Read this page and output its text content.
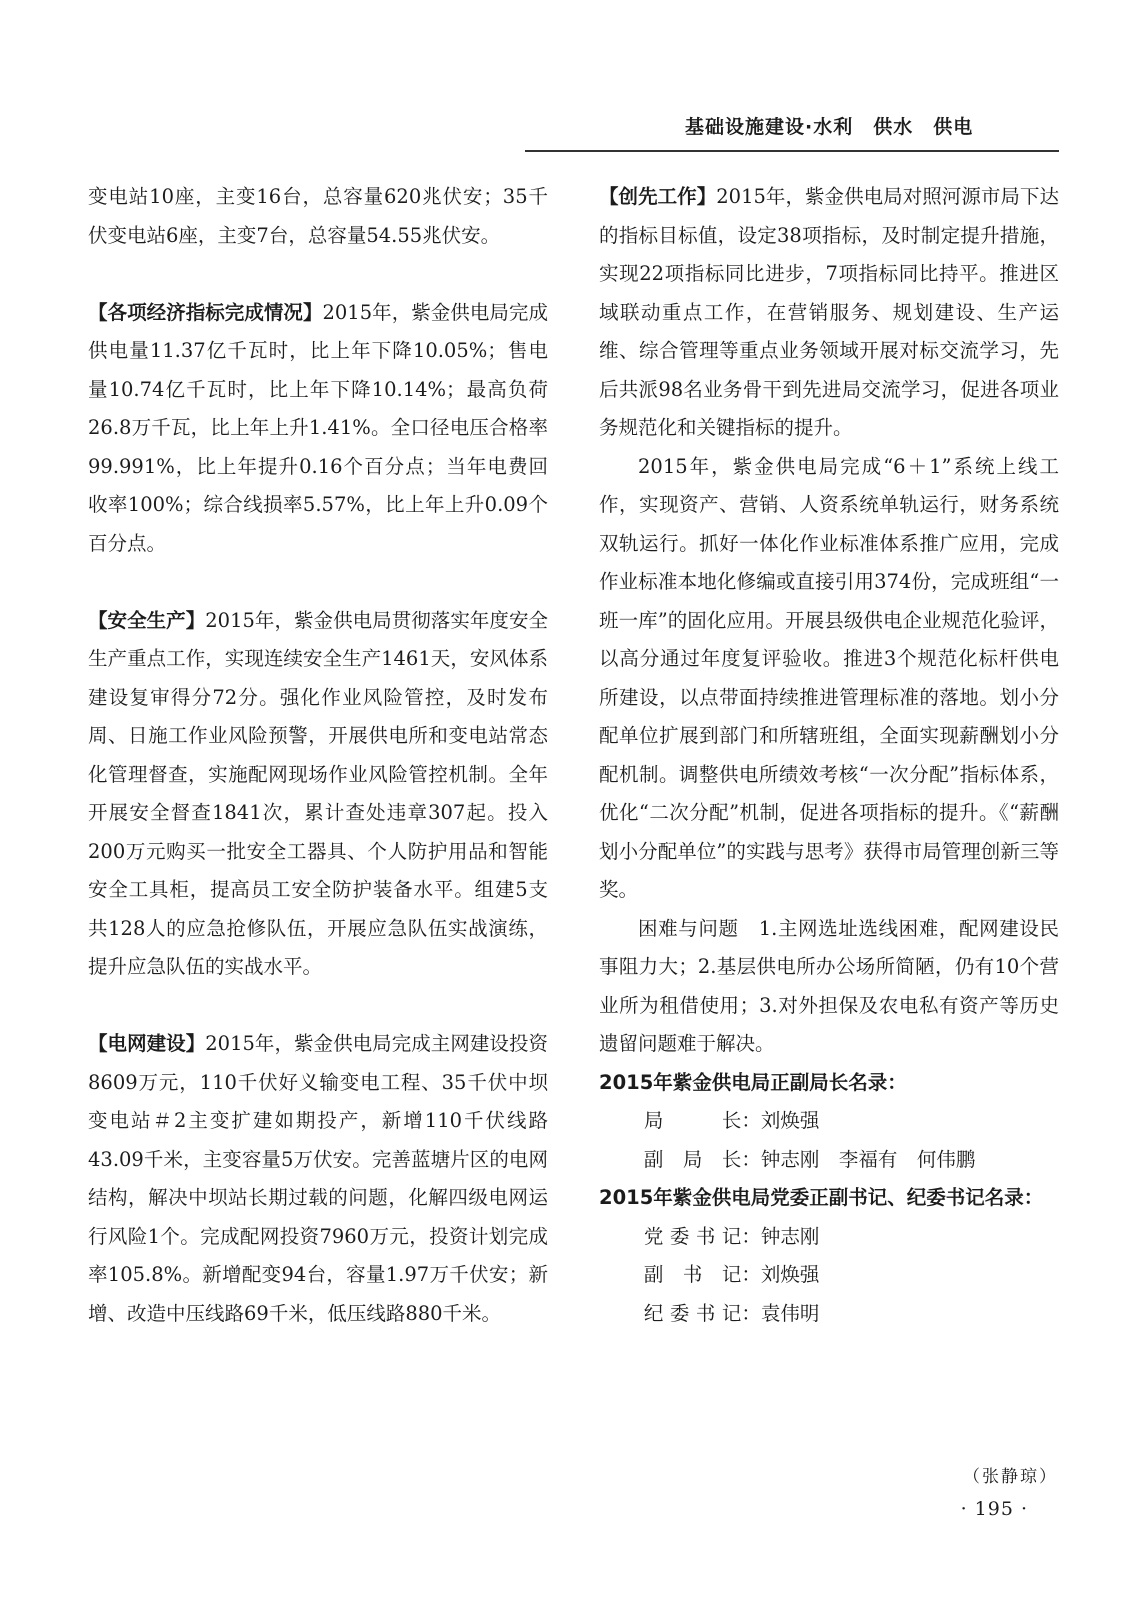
基础设施建设·水利　供水　供电

变电站10座，主变16台，总容量620兆伏安；35千伏变电站6座，主变7台，总容量54.55兆伏安。

【各项经济指标完成情况】2015年，紫金供电局完成供电量11.37亿千瓦时，比上年下降10.05%；售电量10.74亿千瓦时，比上年下降10.14%；最高负荷26.8万千瓦，比上年上升1.41%。全口径电压合格率99.991%，比上年提升0.16个百分点；当年电费回收率100%；综合线损率5.57%，比上年上升0.09个百分点。

【安全生产】2015年，紫金供电局贯彻落实年度安全生产重点工作，实现连续安全生产1461天，安风体系建设复审得分72分。强化作业风险管控，及时发布周、日施工作业风险预警，开展供电所和变电站常态化管理督查，实施配网现场作业风险管控机制。全年开展安全督查1841次，累计查处违章307起。投入200万元购买一批安全工器具、个人防护用品和智能安全工具柜，提高员工安全防护装备水平。组建5支共128人的应急抢修队伍，开展应急队伍实战演练，提升应急队伍的实战水平。

【电网建设】2015年，紫金供电局完成主网建设投资8609万元，110千伏好义输变电工程、35千伏中坝变电站＃2主变扩建如期投产，新增110千伏线路43.09千米，主变容量5万伏安。完善蓝塘片区的电网结构，解决中坝站长期过载的问题，化解四级电网运行风险1个。完成配网投资7960万元，投资计划完成率105.8%。新增配变94台，容量1.97万千伏安；新增、改造中压线路69千米，低压线路880千米。

【创先工作】2015年，紫金供电局对照河源市局下达的指标目标值，设定38项指标，及时制定提升措施，实现22项指标同比进步，7项指标同比持平。推进区域联动重点工作，在营销服务、规划建设、生产运维、综合管理等重点业务领域开展对标交流学习，先后共派98名业务骨干到先进局交流学习，促进各项业务规范化和关键指标的提升。

2015年，紫金供电局完成“6＋1”系统上线工作，实现资产、营销、人资系统单轨运行，财务系统双轨运行。抓好一体化作业标准体系推广应用，完成作业标准本地化修编或直接引用374份，完成班组“一班一库”的固化应用。开展县级供电企业规范化验评，以高分通过年度复评验收。推进3个规范化标杆供电所建设，以点带面持续推进管理标准的落地。划小分配单位扩展到部门和所辖班组，全面实现薪酬划小分配机制。调整供电所绩效考核“一次分配”指标体系，优化“二次分配”机制，促进各项指标的提升。《“薪酬划小分配单位”的实践与思考》获得市局管理创新三等奖。

困难与问题　 1.主网选址选线困难，配网建设民事阻力大；2.基层供电所办公场所简陋，仍有10个营业所为租借使用；3.对外担保及农电私有资产等历史遗留问题难于解决。

2015年紫金供电局正副局长名录：

局长：刘焕强

副局长：钟志刚　李福有　何伟鹏

2015年紫金供电局党委正副书记、纪委书记名录：

党委书记：钟志刚

副书记：刘焕强

纪委书记：袁伟明

（张静琼）
· 195 ·
